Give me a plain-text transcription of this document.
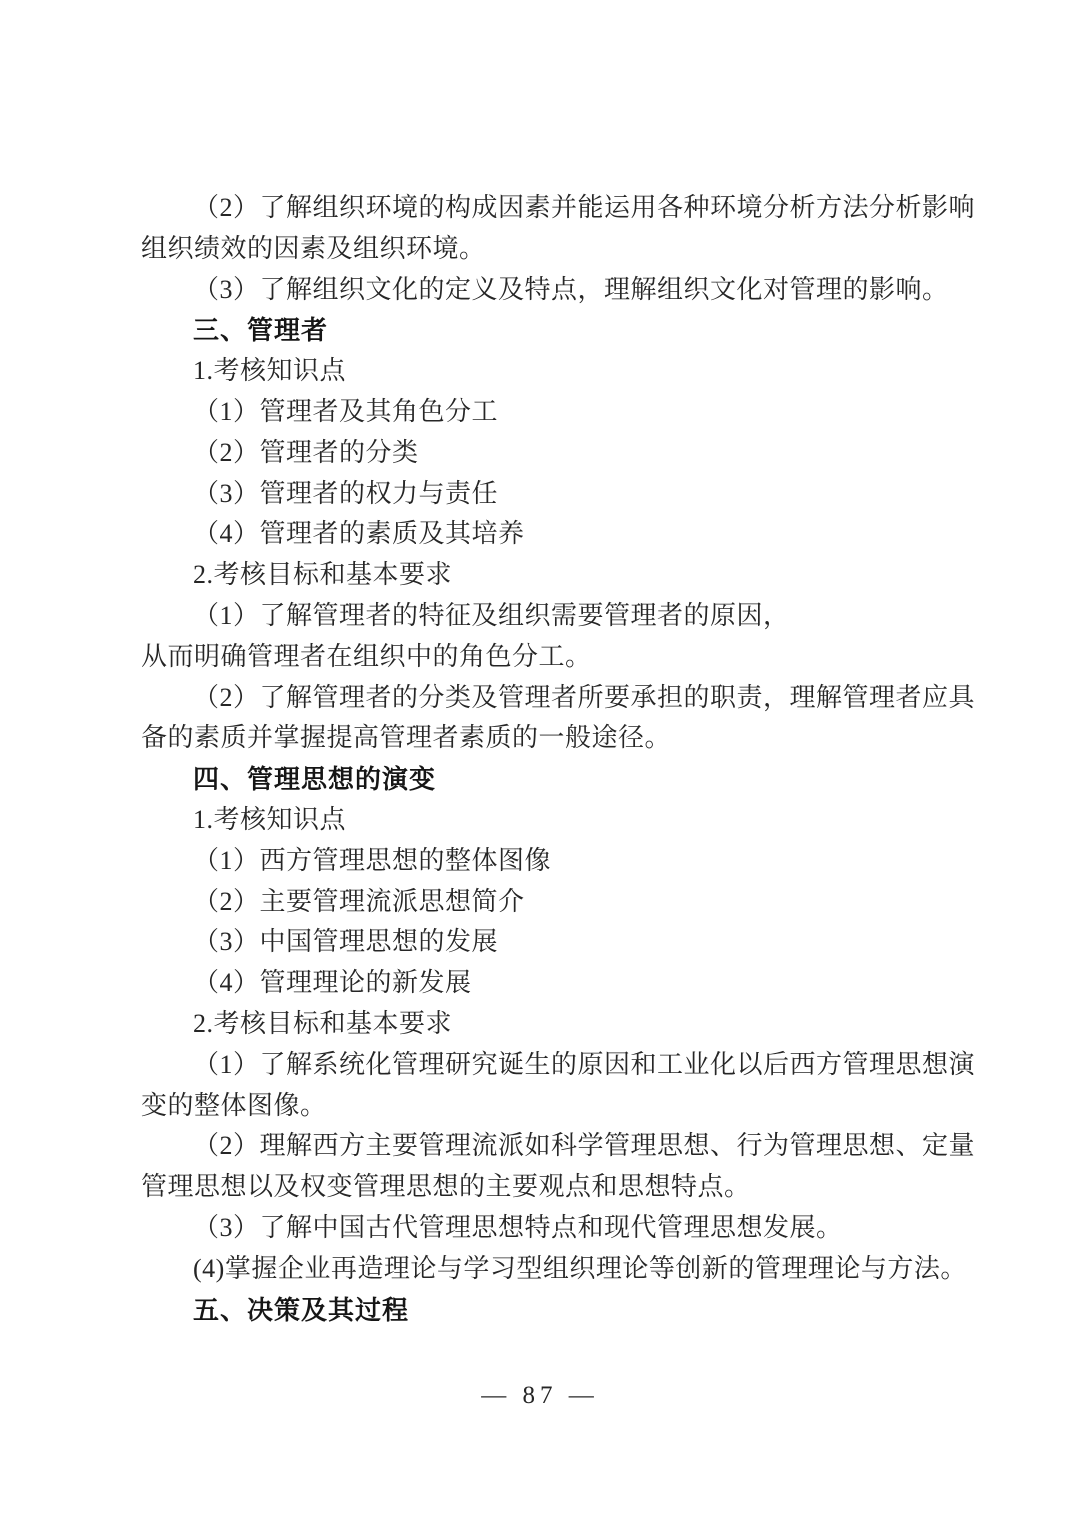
（2）了解组织环境的构成因素并能运用各种环境分析方法分析影响
组织绩效的因素及组织环境。
（3）了解组织文化的定义及特点，理解组织文化对管理的影响。
三、管理者
1.考核知识点
（1）管理者及其角色分工
（2）管理者的分类
（3）管理者的权力与责任
（4）管理者的素质及其培养
2.考核目标和基本要求
（1）了解管理者的特征及组织需要管理者的原因，
从而明确管理者在组织中的角色分工。
（2）了解管理者的分类及管理者所要承担的职责，理解管理者应具
备的素质并掌握提高管理者素质的一般途径。
四、管理思想的演变
1.考核知识点
（1）西方管理思想的整体图像
（2）主要管理流派思想简介
（3）中国管理思想的发展
（4）管理理论的新发展
2.考核目标和基本要求
（1）了解系统化管理研究诞生的原因和工业化以后西方管理思想演
变的整体图像。
（2）理解西方主要管理流派如科学管理思想、行为管理思想、定量
管理思想以及权变管理思想的主要观点和思想特点。
（3）了解中国古代管理思想特点和现代管理思想发展。
(4)掌握企业再造理论与学习型组织理论等创新的管理理论与方法。
五、决策及其过程
— 87 —
